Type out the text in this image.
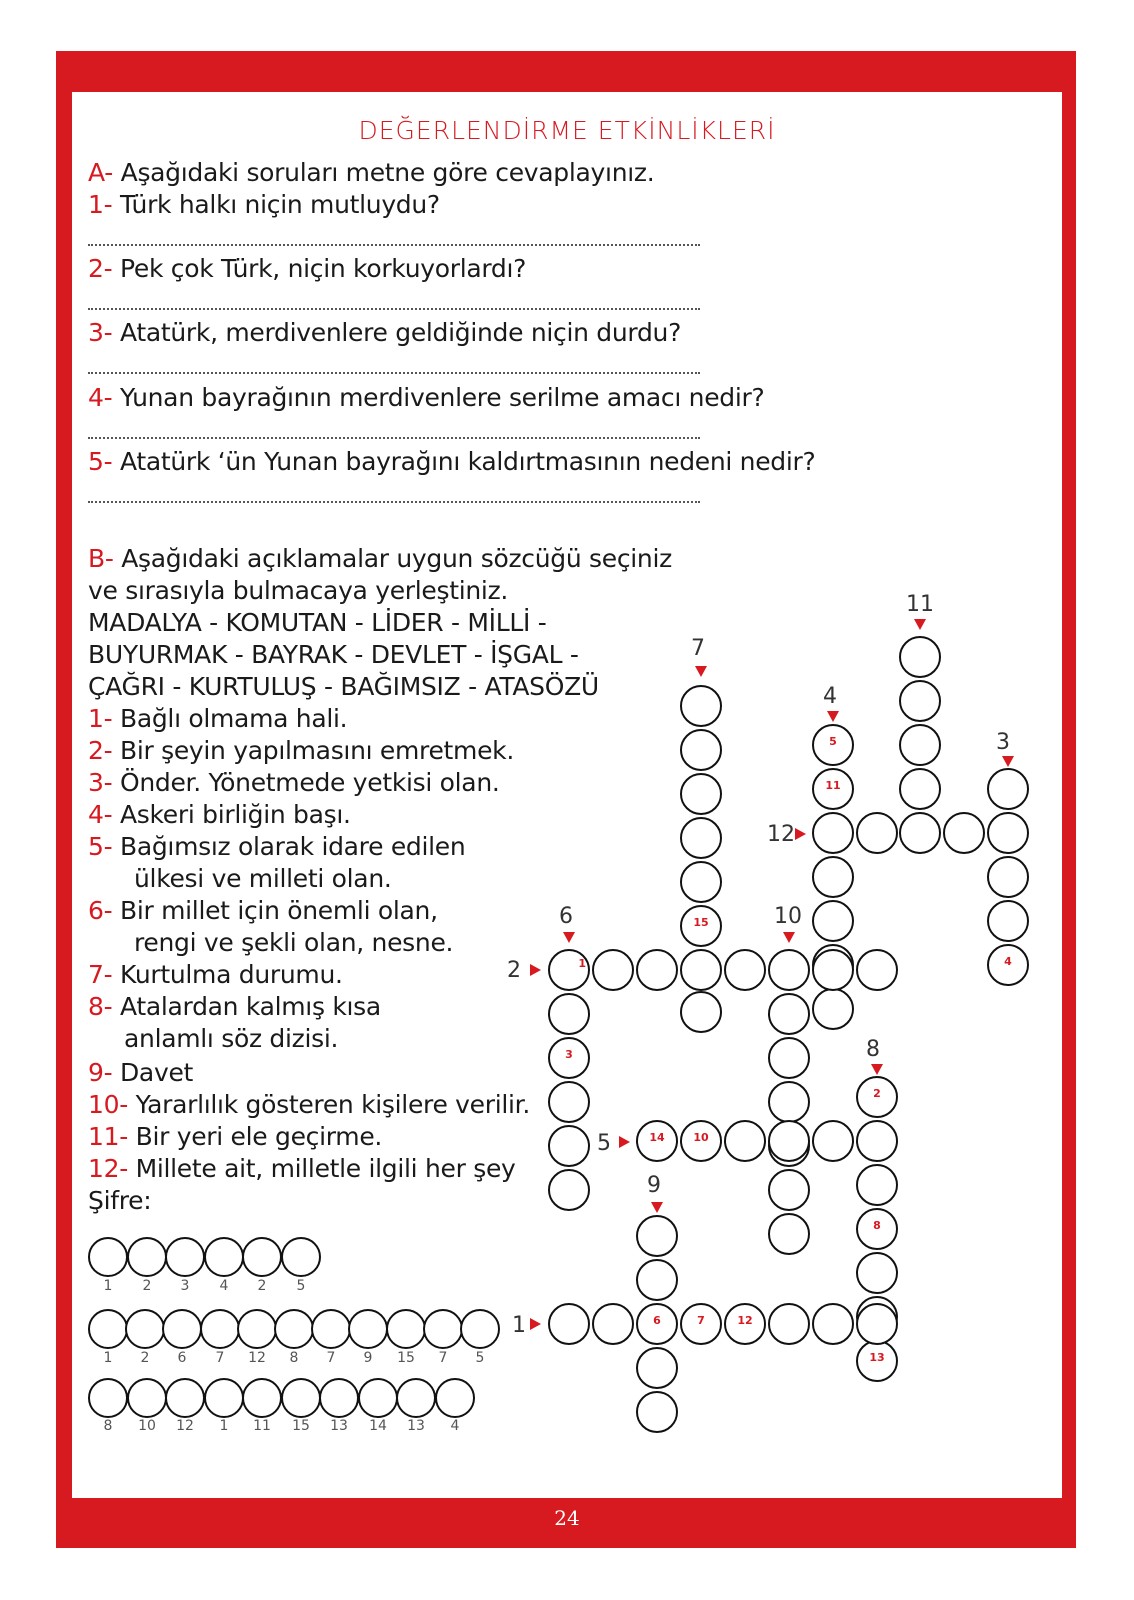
24
DEĞERLENDİRME ETKİNLİKLERİ
A- Aşağıdaki soruları metne göre cevaplayınız.
1- Türk halkı niçin mutluydu?
2- Pek çok Türk, niçin korkuyorlardı?
3- Atatürk, merdivenlere geldiğinde niçin durdu?
4- Yunan bayrağının merdivenlere serilme amacı nedir?
5- Atatürk ‘ün Yunan bayrağını kaldırtmasının nedeni nedir?
B- Aşağıdaki açıklamalar uygun sözcüğü seçiniz
ve sırasıyla bulmacaya yerleştiniz.
MADALYA - KOMUTAN - LİDER - MİLLİ -
BUYURMAK - BAYRAK - DEVLET - İŞGAL -
ÇAĞRI - KURTULUŞ - BAĞIMSIZ - ATASÖZÜ
1- Bağlı olmama hali.
2- Bir şeyin yapılmasını emretmek.
3- Önder. Yönetmede yetkisi olan.
4- Askeri birliğin başı.
5- Bağımsız olarak idare edilen
ülkesi ve milleti olan.
6- Bir millet için önemli olan,
rengi ve şekli olan, nesne.
7- Kurtulma durumu.
8- Atalardan kalmış kısa
anlamlı söz dizisi.
9- Davet
10- Yararlılık gösteren kişilere verilir.
11- Bir yeri ele geçirme.
12- Millete ait, milletle ilgili her şey
Şifre:
1	2	3	4	2	5
1	2	6	7	12	8	7	9	15	7	5
8	10	12	1	11	15	13	14	13	4
15
5
11
4
1
3
2
8
13
14	10
6	7	12
7
11
4
3
12
6	10
2
8
5
9
1
